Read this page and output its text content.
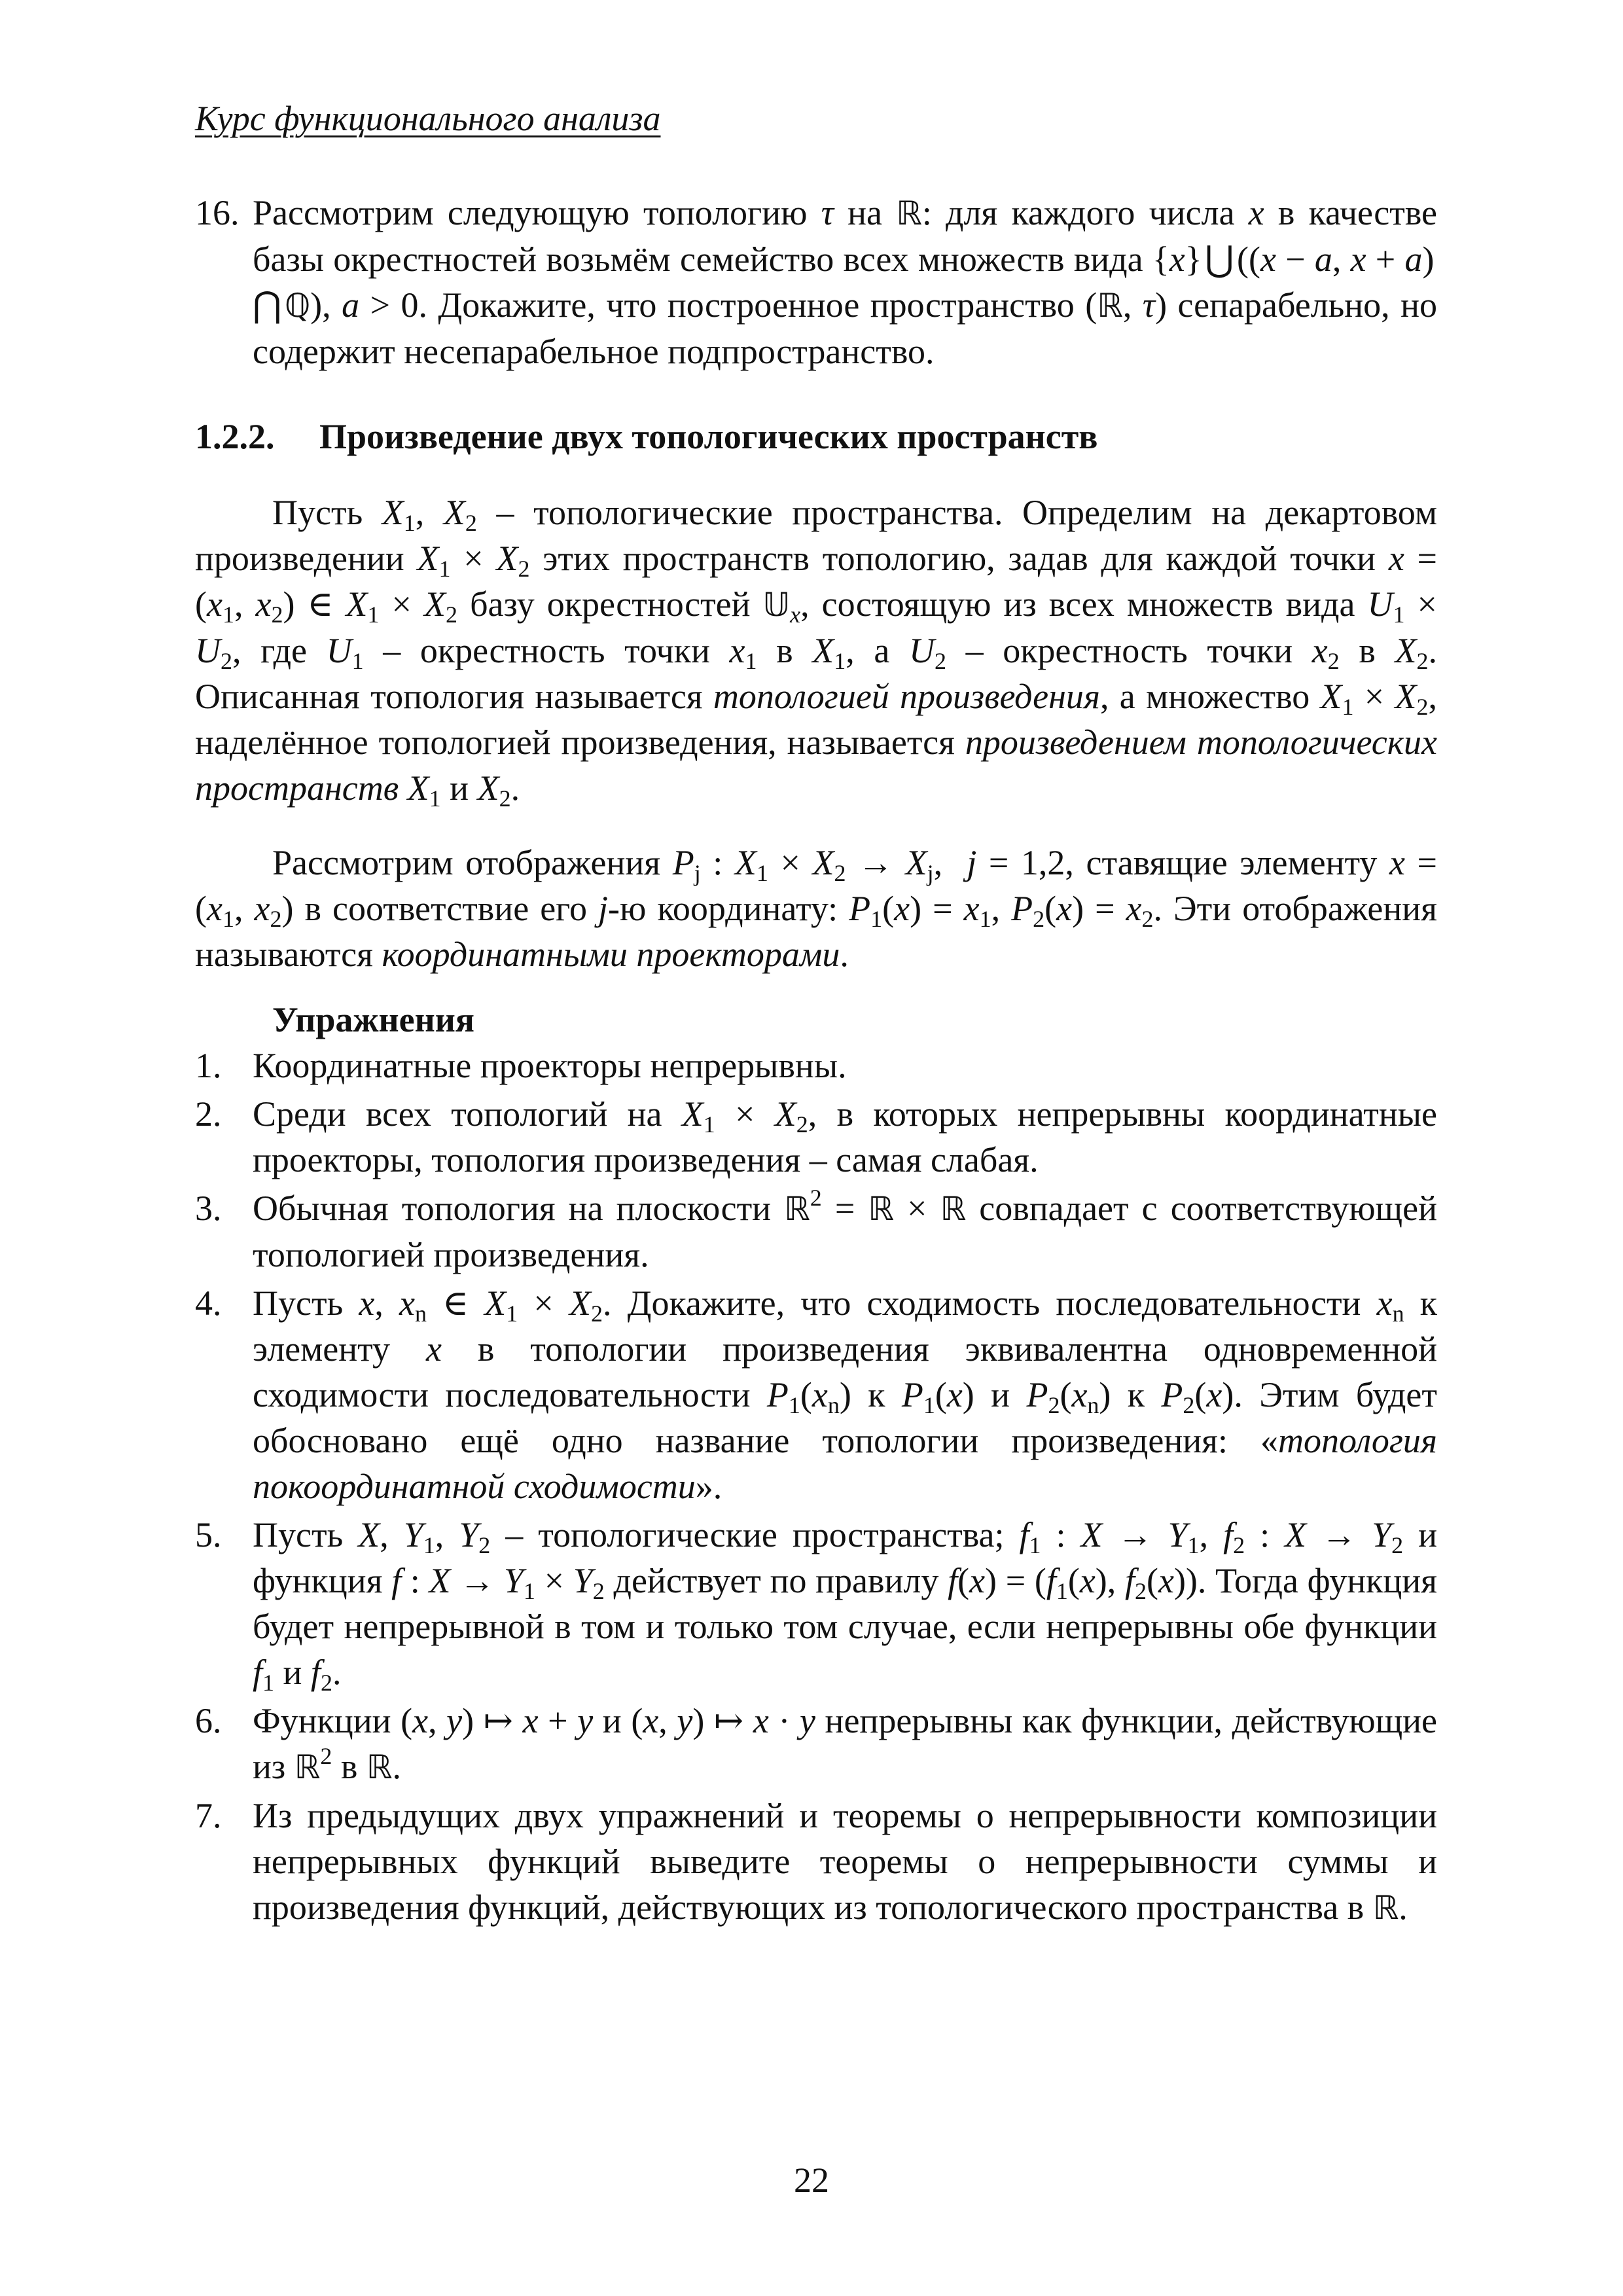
Курс функционального анализа
16. Рассмотрим следующую топологию τ на ℝ: для каждого числа x в качестве базы окрестностей возьмём семейство всех множеств вида {x} ⋃ ((x − a, x + a) ⋂ ℚ), a > 0. Докажите, что построенное пространство (ℝ, τ) сепарабельно, но содержит несепарабельное подпространство.
1.2.2. Произведение двух топологических пространств

Пусть $X_1$, $X_2$ – топологические пространства. Определим на декартовом произведении $X_1 \times X_2$ этих пространств топологию, задав для каждой точки $x = (x_1$, $x_2$) ∈ $X_1 \times X_2$ базу окрестностей 𝕌$_x$, состоящую из всех множеств вида $U_1 \times U_2$, где $U_1$ – окрестность точки $x_1$ в $X_1$, а $U_2$ – окрестность точки $x_2$ в $X_2$. Описанная топология называется топологией произведения, а множество $X_1 \times X_2$, наделённое топологией произведения, называется произведением топологических пространств $X_1$ и $X_2$.

Рассмотрим отображения $P_j$ : $X_1 \times X_2 \to X_j$,  j = 1,2, ставящие элементу $x = (x_1$, $x_2$) в соответствие его j-ю координату: $P_1(x) = x_1$, $P_2(x) = x_2$. Эти отображения называются координатными проекторами.

Упражнения
1. Координатные проекторы непрерывны.
2. Среди всех топологий на $X_1 \times X_2$, в которых непрерывны координатные проекторы, топология произведения – самая слабая.
3. Обычная топология на плоскости ℝ$^2$ = ℝ × ℝ совпадает с соответствующей топологией произведения.
4. Пусть x, $x_n$ ∈ $X_1 \times X_2$. Докажите, что сходимость последовательности $x_n$ к элементу x в топологии произведения эквивалентна одновременной сходимости последовательности $P_1(x_n)$ к $P_1(x)$ и $P_2(x_n)$ к $P_2(x)$. Этим будет обосновано ещё одно название топологии произведения: «топология покоординатной сходимости».
5. Пусть X, $Y_1$, $Y_2$ – топологические пространства; $f_1$ : $X \to Y_1$, $f_2$ : $X \to Y_2$ и функция f : $X \to Y_1 \times Y_2$ действует по правилу $f(x) = (f_1(x)$, $f_2(x)$). Тогда функция будет непрерывной в том и только том случае, если непрерывны обе функции $f_1$ и $f_2$.
6. Функции (x, y) ↦ x + y и (x, y) ↦ x · y непрерывны как функции, действующие из ℝ$^2$ в ℝ.
7. Из предыдущих двух упражнений и теоремы о непрерывности композиции непрерывных функций выведите теоремы о непрерывности суммы и произведения функций, действующих из топологического пространства в ℝ.
22
